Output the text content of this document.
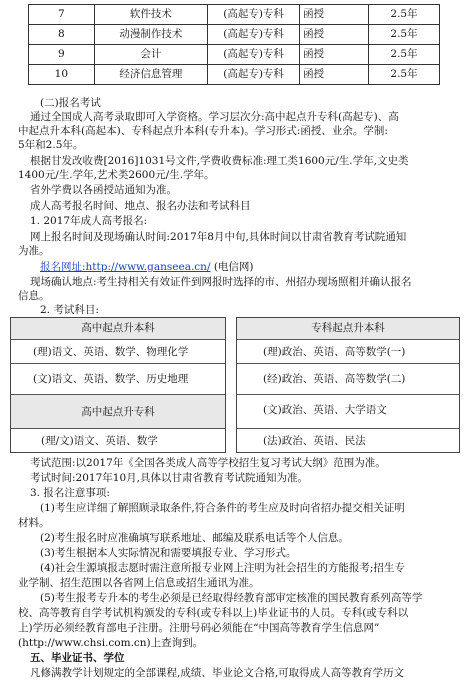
7	软件技术	(高起专)专科	函授	2.5年
8	动漫制作技术	(高起专)专科	函授	2.5年
9	会计	(高起专)专科	函授	2.5年
10	经济信息管理	(高起专)专科	函授	2.5年
(二)报名考试
通过全国成人高考录取即可入学资格。学习层次分:高中起点升专科(高起专)、高
中起点升本科(高起本)、专科起点升本科(专升本)。学习形式:函授、业余。学制:
5年和2.5年。
根据甘发改收费[2016]1031号文件,学费收费标准:理工类1600元/生.学年,文史类
1400元/生.学年,艺术类2600元/生.学年。
省外学费以各函授站通知为准。
成人高考报名时间、地点、报名办法和考试科目
1. 2017年成人高考报名:
网上报名时间及现场确认时间:2017年8月中旬,具体时间以甘肃省教育考试院通知
为准。
报名网址:http://www.ganseea.cn/ (电信网)
现场确认地点:考生持相关有效证件到网报时选择的市、州招办现场照相并确认报名
信息。
2. 考试科目:
高中起点升本科
(理)语文、英语、数学、物理化学
(文)语文、英语、数学、历史地理
高中起点升专科
(理/文)语文、英语、数学
专科起点升本科
(理)政治、英语、高等数学(一)
(经)政治、英语、高等数学(二)
(文)政治、英语、大学语文
(法)政治、英语、民法
考试范围:以2017年《全国各类成人高等学校招生复习考试大纲》范围为准。
考试时间:2017年10月,具体以甘肃省教育考试院通知为准。
3. 报名注意事项:
(1)考生应详细了解照顾录取条件,符合条件的考生应及时向省招办提交相关证明
材料。
(2)考生报名时应准确填写联系地址、邮编及联系电话等个人信息。
(3)考生根据本人实际情况和需要填报专业、学习形式。
(4)社会生源填报志愿时需注意所报专业网上注明为社会招生的方能报考;招生专
业学制、招生范围以各省网上信息或招生通讯为准。
(5)考生报考专升本的考生必须是已经取得经教育部审定核准的国民教育系列高等学
校、高等教育自学考试机构颁发的专科(或专科以上)毕业证书的人员。专科(或专科以
上)学历必须经教育部电子注册。注册号码必须能在“中国高等教育学生信息网”
(http://www.chsi.com.cn)上查询到。
五、毕业证书、学位
凡修满教学计划规定的全部课程,成绩、毕业论文合格,可取得成人高等教育学历文
